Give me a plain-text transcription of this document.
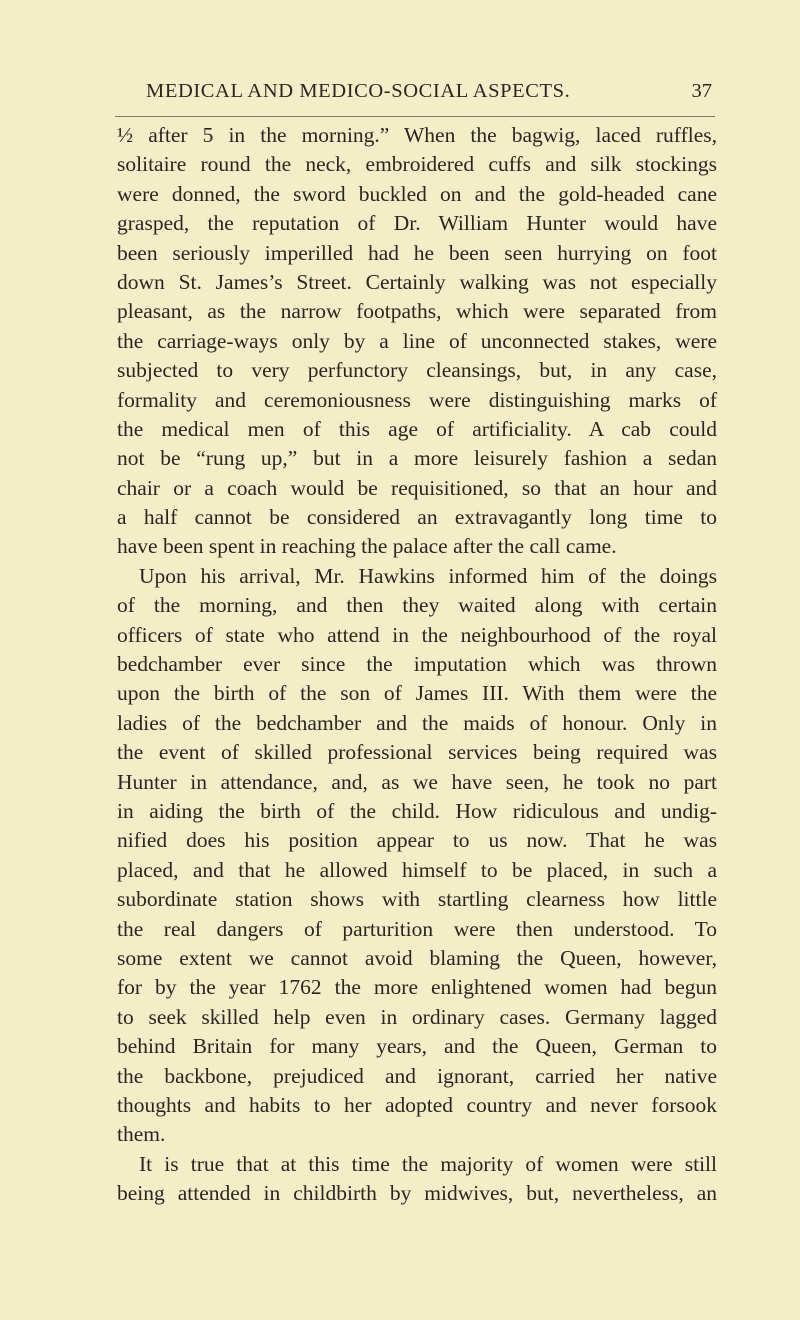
MEDICAL AND MEDICO-SOCIAL ASPECTS.	37
½ after 5 in the morning.” When the bagwig, laced ruffles,
solitaire round the neck, embroidered cuffs and silk stockings
were donned, the sword buckled on and the gold-headed cane
grasped, the reputation of Dr. William Hunter would have
been seriously imperilled had he been seen hurrying on foot
down St. James’s Street. Certainly walking was not especially
pleasant, as the narrow footpaths, which were separated from
the carriage-ways only by a line of unconnected stakes, were
subjected to very perfunctory cleansings, but, in any case,
formality and ceremoniousness were distinguishing marks of
the medical men of this age of artificiality. A cab could
not be “rung up,” but in a more leisurely fashion a sedan
chair or a coach would be requisitioned, so that an hour and
a half cannot be considered an extravagantly long time to
have been spent in reaching the palace after the call came.
Upon his arrival, Mr. Hawkins informed him of the doings
of the morning, and then they waited along with certain
officers of state who attend in the neighbourhood of the royal
bedchamber ever since the imputation which was thrown
upon the birth of the son of James III. With them were the
ladies of the bedchamber and the maids of honour. Only in
the event of skilled professional services being required was
Hunter in attendance, and, as we have seen, he took no part
in aiding the birth of the child. How ridiculous and undig-
nified does his position appear to us now. That he was
placed, and that he allowed himself to be placed, in such a
subordinate station shows with startling clearness how little
the real dangers of parturition were then understood. To
some extent we cannot avoid blaming the Queen, however,
for by the year 1762 the more enlightened women had begun
to seek skilled help even in ordinary cases. Germany lagged
behind Britain for many years, and the Queen, German to
the backbone, prejudiced and ignorant, carried her native
thoughts and habits to her adopted country and never forsook
them.
It is true that at this time the majority of women were still
being attended in childbirth by midwives, but, nevertheless, an
